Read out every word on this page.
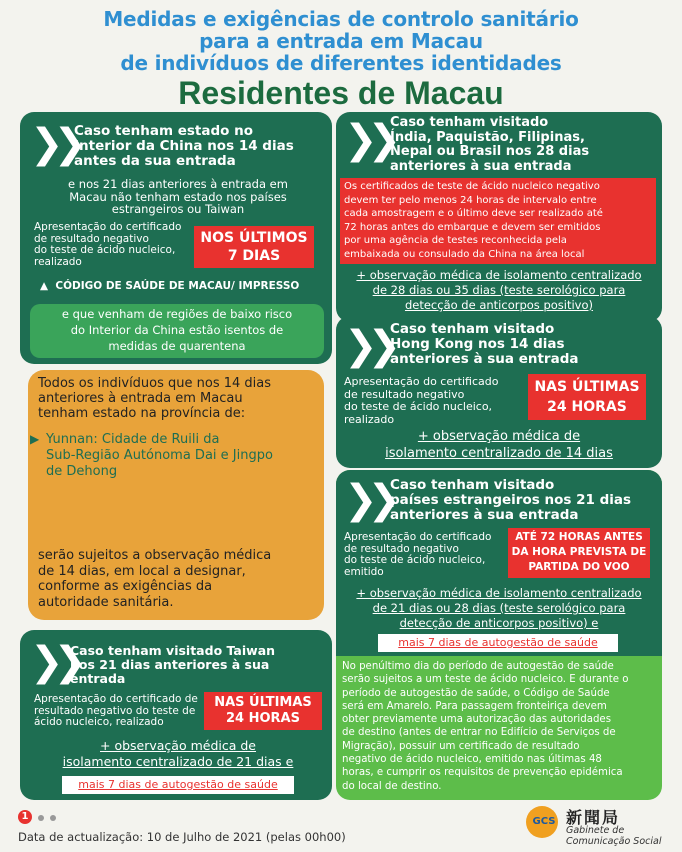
Medidas e exigências de controlo sanitário
para a entrada em Macau
de indivíduos de diferentes identidades
Residentes de Macau
❯❯
Caso tenham estado no
Interior da China nos 14 dias
antes da sua entrada
e nos 21 dias anteriores à entrada em
Macau não tenham estado nos países
estrangeiros ou Taiwan
Apresentação do certificado
de resultado negativo
do teste de ácido nucleico,
realizado
NOS ÚLTIMOS
7 DIAS
▲ CÓDIGO DE SAÚDE DE MACAU/ IMPRESSO
e que venham de regiões de baixo risco
do Interior da China estão isentos de
medidas de quarentena
Todos os indivíduos que nos 14 dias
anteriores à entrada em Macau
tenham estado na província de:
▶ Yunnan: Cidade de Ruili da
Sub-Região Autónoma Dai e Jingpo
de Dehong
serão sujeitos a observação médica
de 14 dias, em local a designar,
conforme as exigências da
autoridade sanitária.
❯❯
Caso tenham visitado Taiwan
nos 21 dias anteriores à sua
entrada
Apresentação do certificado de
resultado negativo do teste de
ácido nucleico, realizado
NAS ÚLTIMAS
24 HORAS
+ observação médica de
isolamento centralizado de 21 dias e
mais 7 dias de autogestão de saúde
❯❯
Caso tenham visitado
Índia, Paquistão, Filipinas,
Nepal ou Brasil nos 28 dias
anteriores à sua entrada
Os certificados de teste de ácido nucleico negativo
devem ter pelo menos 24 horas de intervalo entre
cada amostragem e o último deve ser realizado até
72 horas antes do embarque e devem ser emitidos
por uma agência de testes reconhecida pela
embaixada ou consulado da China na área local
+ observação médica de isolamento centralizado
de 28 dias ou 35 dias (teste serológico para
detecção de anticorpos positivo)
❯❯
Caso tenham visitado
Hong Kong nos 14 dias
anteriores à sua entrada
Apresentação do certificado
de resultado negativo
do teste de ácido nucleico,
realizado
NAS ÚLTIMAS
24 HORAS
+ observação médica de
isolamento centralizado de 14 dias
❯❯
Caso tenham visitado
países estrangeiros nos 21 dias
anteriores à sua entrada
Apresentação do certificado
de resultado negativo
do teste de ácido nucleico,
emitido
ATÉ 72 HORAS ANTES
DA HORA PREVISTA DE
PARTIDA DO VOO
+ observação médica de isolamento centralizado
de 21 dias ou 28 dias (teste serológico para
detecção de anticorpos positivo) e
mais 7 dias de autogestão de saúde
No penúltimo dia do período de autogestão de saúde
serão sujeitos a um teste de ácido nucleico. E durante o
período de autogestão de saúde, o Código de Saúde
será em Amarelo. Para passagem fronteiriça devem
obter previamente uma autorização das autoridades
de destino (antes de entrar no Edifício de Serviços de
Migração), possuir um certificado de resultado
negativo de ácido nucleico, emitido nas últimas 48
horas, e cumprir os requisitos de prevenção epidémica
do local de destino.
1
Data de actualização: 10 de Julho de 2021 (pelas 00h00)
GCS 新聞局
Gabinete de
Comunicação Social
